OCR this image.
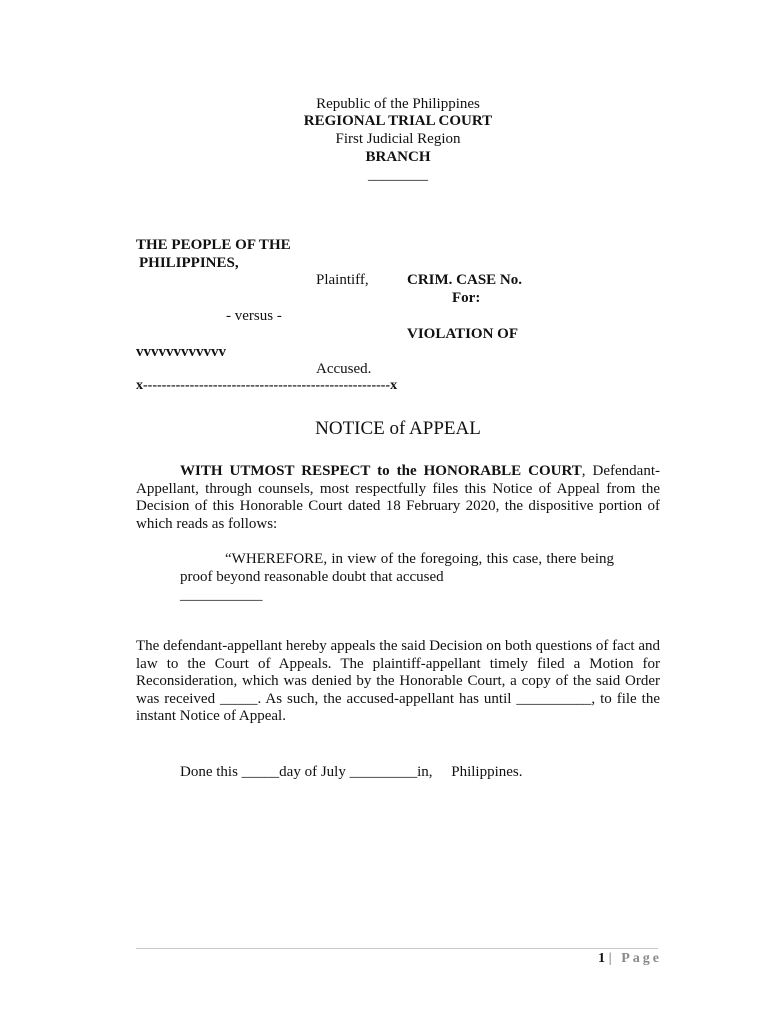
Republic of the Philippines
REGIONAL TRIAL COURT
First Judicial Region
BRANCH
________
THE PEOPLE OF THE
PHILIPPINES,
Plaintiff,	CRIM. CASE No.
For:
- versus -
VIOLATION OF
vvvvvvvvvvvv
Accused.
x-----------------------------------------------------x
NOTICE of APPEAL
WITH UTMOST RESPECT to the HONORABLE COURT, Defendant-Appellant, through counsels, most respectfully files this Notice of Appeal from the Decision of this Honorable Court dated 18 February 2020, the dispositive portion of which reads as follows:
“WHEREFORE, in view of the foregoing, this case, there being proof beyond reasonable doubt that accused
___________
The defendant-appellant hereby appeals the said Decision on both questions of fact and law to the Court of Appeals. The plaintiff-appellant timely filed a Motion for Reconsideration, which was denied by the Honorable Court, a copy of the said Order was received _____. As such, the accused-appellant has until __________, to file the instant Notice of Appeal.
Done this _____day of July _________in,     Philippines.
1 | Page
